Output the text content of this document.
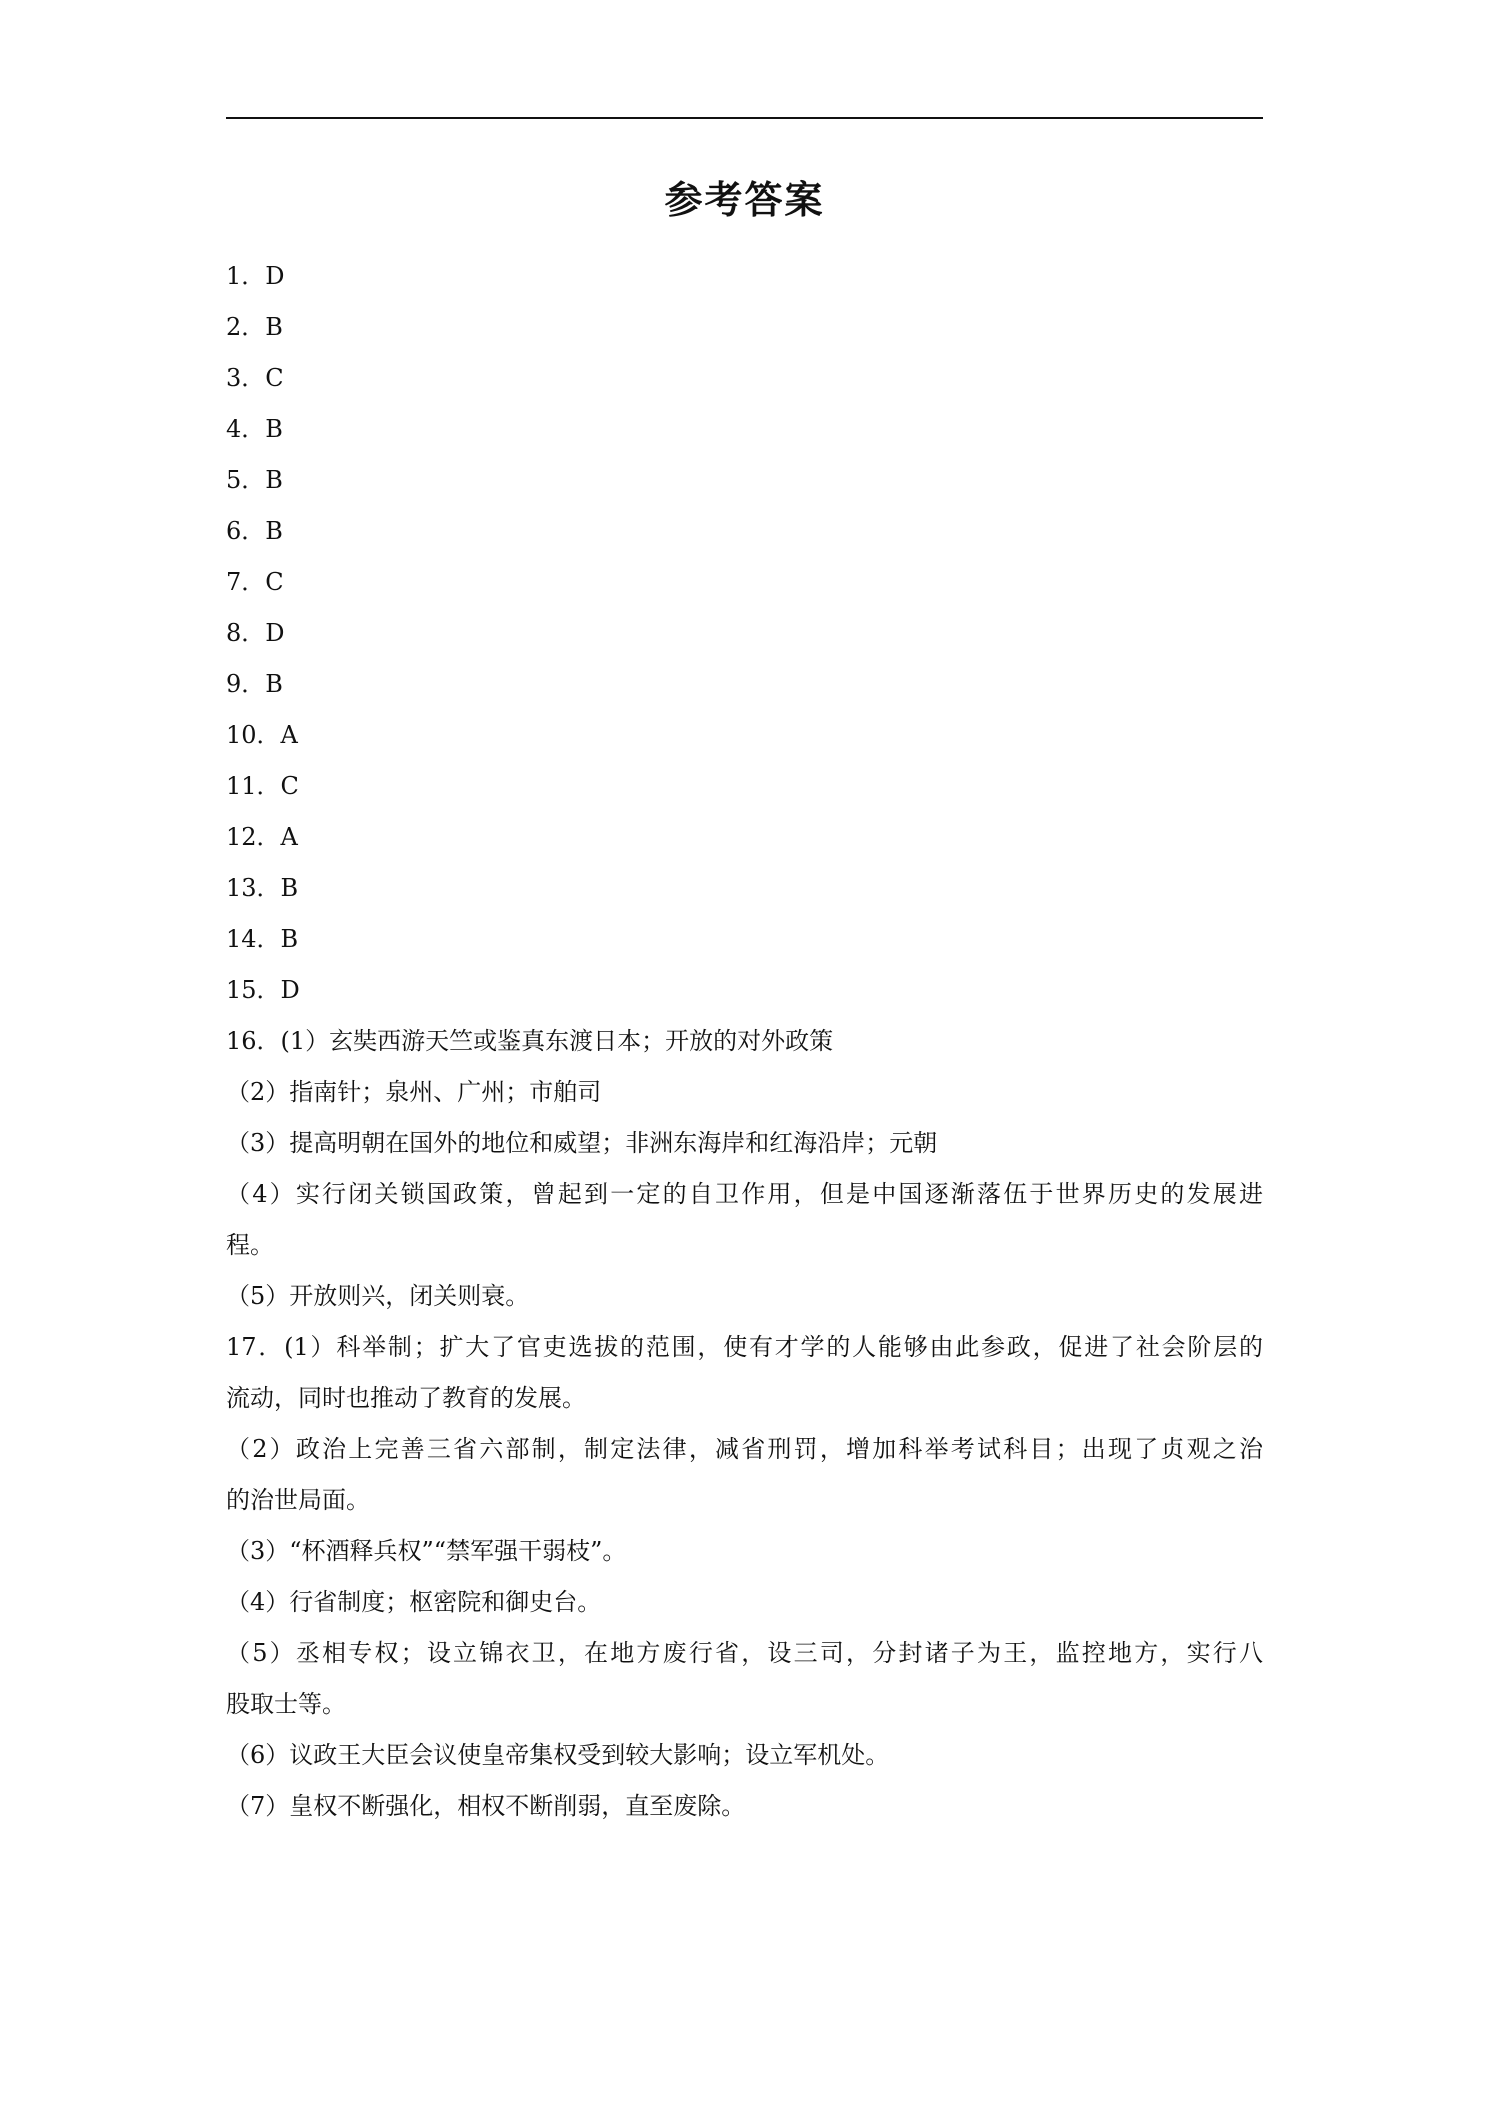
参考答案
1．D
2．B
3．C
4．B
5．B
6．B
7．C
8．D
9．B
10．A
11．C
12．A
13．B
14．B
15．D
16．(1）玄奘西游天竺或鉴真东渡日本；开放的对外政策
（2）指南针；泉州、广州；市舶司
（3）提高明朝在国外的地位和威望；非洲东海岸和红海沿岸；元朝
（4）实行闭关锁国政策，曾起到一定的自卫作用，但是中国逐渐落伍于世界历史的发展进
程。
（5）开放则兴，闭关则衰。
17．(1）科举制；扩大了官吏选拔的范围，使有才学的人能够由此参政，促进了社会阶层的
流动，同时也推动了教育的发展。
（2）政治上完善三省六部制，制定法律，减省刑罚，增加科举考试科目；出现了贞观之治
的治世局面。
（3）“杯酒释兵权”“禁军强干弱枝”。
（4）行省制度；枢密院和御史台。
（5）丞相专权；设立锦衣卫，在地方废行省，设三司，分封诸子为王，监控地方，实行八
股取士等。
（6）议政王大臣会议使皇帝集权受到较大影响；设立军机处。
（7）皇权不断强化，相权不断削弱，直至废除。
